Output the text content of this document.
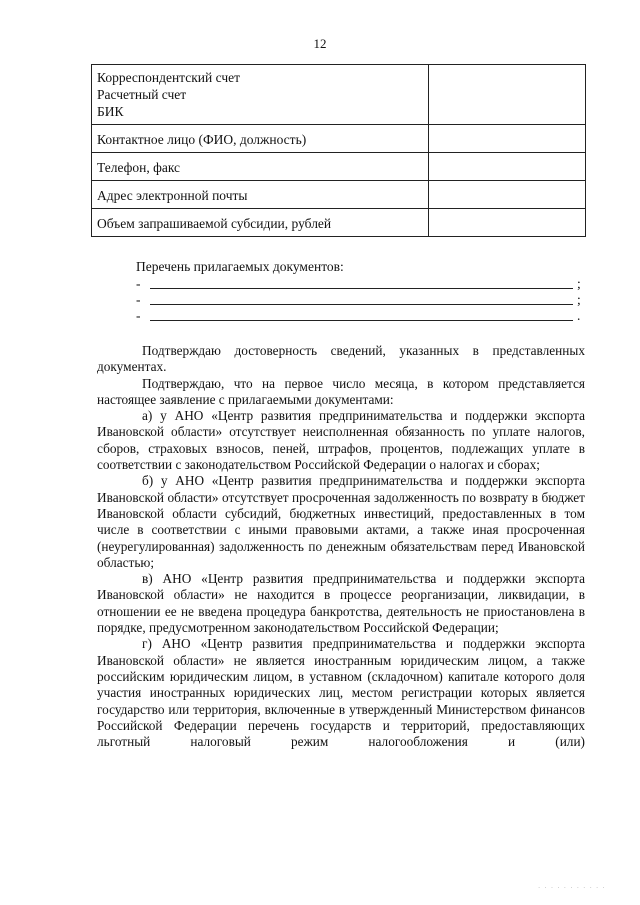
12
Корреспондентский счет
Расчетный счет
БИК	

Контактное лицо (ФИО, должность)	

Телефон, факс	

Адрес электронной почты	

Объем запрашиваемой субсидии, рублей	

Перечень прилагаемых документов:
-	;
-	;
-	.

Подтверждаю достоверность сведений, указанных в представленных документах.

Подтверждаю, что на первое число месяца, в котором представляется настоящее заявление с прилагаемыми документами:

а) у АНО «Центр развития предпринимательства и поддержки экспорта Ивановской области» отсутствует неисполненная обязанность по уплате налогов, сборов, страховых взносов, пеней, штрафов, процентов, подлежащих уплате в соответствии с законодательством Российской Федерации о налогах и сборах;

б) у АНО «Центр развития предпринимательства и поддержки экспорта Ивановской области» отсутствует просроченная задолженность по возврату в бюджет Ивановской области субсидий, бюджетных инвестиций, предоставленных в том числе в соответствии с иными правовыми актами, а также иная просроченная (неурегулированная) задолженность по денежным обязательствам перед Ивановской областью;

в) АНО «Центр развития предпринимательства и поддержки экспорта Ивановской области» не находится в процессе реорганизации, ликвидации, в отношении ее не введена процедура банкротства, деятельность не приостановлена в порядке, предусмотренном законодательством Российской Федерации;

г) АНО «Центр развития предпринимательства и поддержки экспорта Ивановской области» не является иностранным юридическим лицом, а также российским юридическим лицом, в уставном (складочном) капитале которого доля участия иностранных юридических лиц, местом регистрации которых является государство или территория, включенные в утвержденный Министерством финансов Российской Федерации перечень государств и территорий, предоставляющих льготный налоговый режим налогообложения и (или)

· · · · · · · · · · ·
